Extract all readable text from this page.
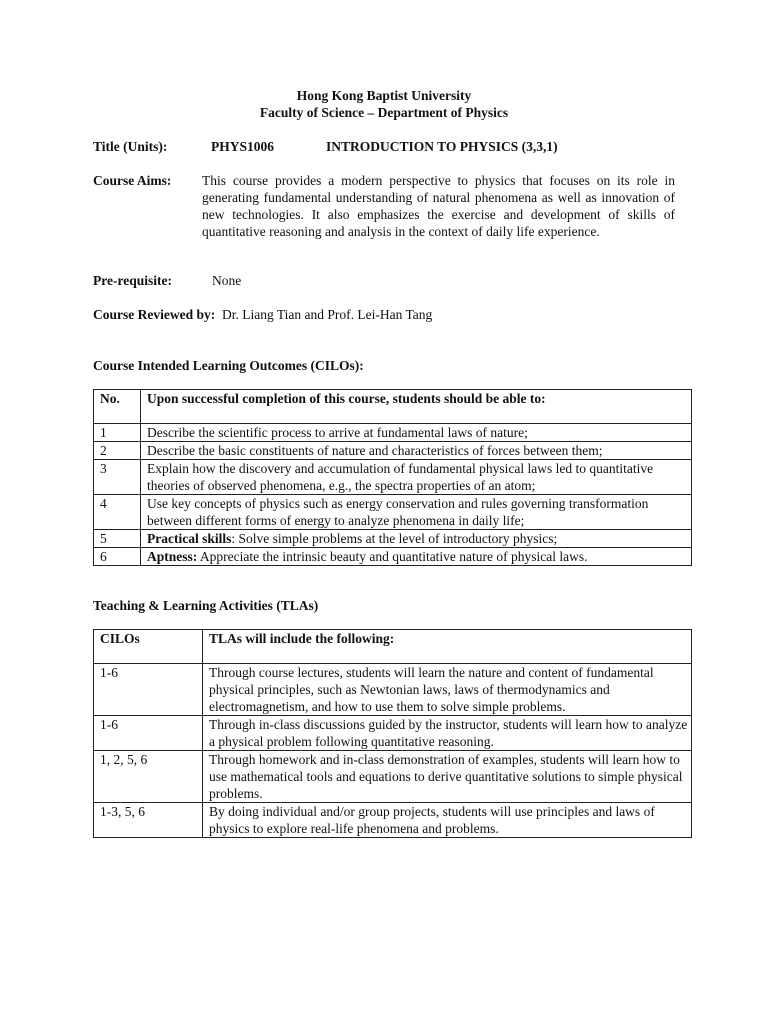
Hong Kong Baptist University
Faculty of Science – Department of Physics
Title (Units):	PHYS1006	INTRODUCTION TO PHYSICS (3,3,1)
Course Aims: This course provides a modern perspective to physics that focuses on its role in generating fundamental understanding of natural phenomena as well as innovation of new technologies. It also emphasizes the exercise and development of skills of quantitative reasoning and analysis in the context of daily life experience.
Pre-requisite:	None
Course Reviewed by: Dr. Liang Tian and Prof. Lei-Han Tang
Course Intended Learning Outcomes (CILOs):
No.	Upon successful completion of this course, students should be able to:
1	Describe the scientific process to arrive at fundamental laws of nature;
2	Describe the basic constituents of nature and characteristics of forces between them;
3	Explain how the discovery and accumulation of fundamental physical laws led to quantitative theories of observed phenomena, e.g., the spectra properties of an atom;
4	Use key concepts of physics such as energy conservation and rules governing transformation between different forms of energy to analyze phenomena in daily life;
5	Practical skills: Solve simple problems at the level of introductory physics;
6	Aptness: Appreciate the intrinsic beauty and quantitative nature of physical laws.
Teaching & Learning Activities (TLAs)
CILOs	TLAs will include the following:
1-6	Through course lectures, students will learn the nature and content of fundamental physical principles, such as Newtonian laws, laws of thermodynamics and electromagnetism, and how to use them to solve simple problems.
1-6	Through in-class discussions guided by the instructor, students will learn how to analyze a physical problem following quantitative reasoning.
1, 2, 5, 6	Through homework and in-class demonstration of examples, students will learn how to use mathematical tools and equations to derive quantitative solutions to simple physical problems.
1-3, 5, 6	By doing individual and/or group projects, students will use principles and laws of physics to explore real-life phenomena and problems.
